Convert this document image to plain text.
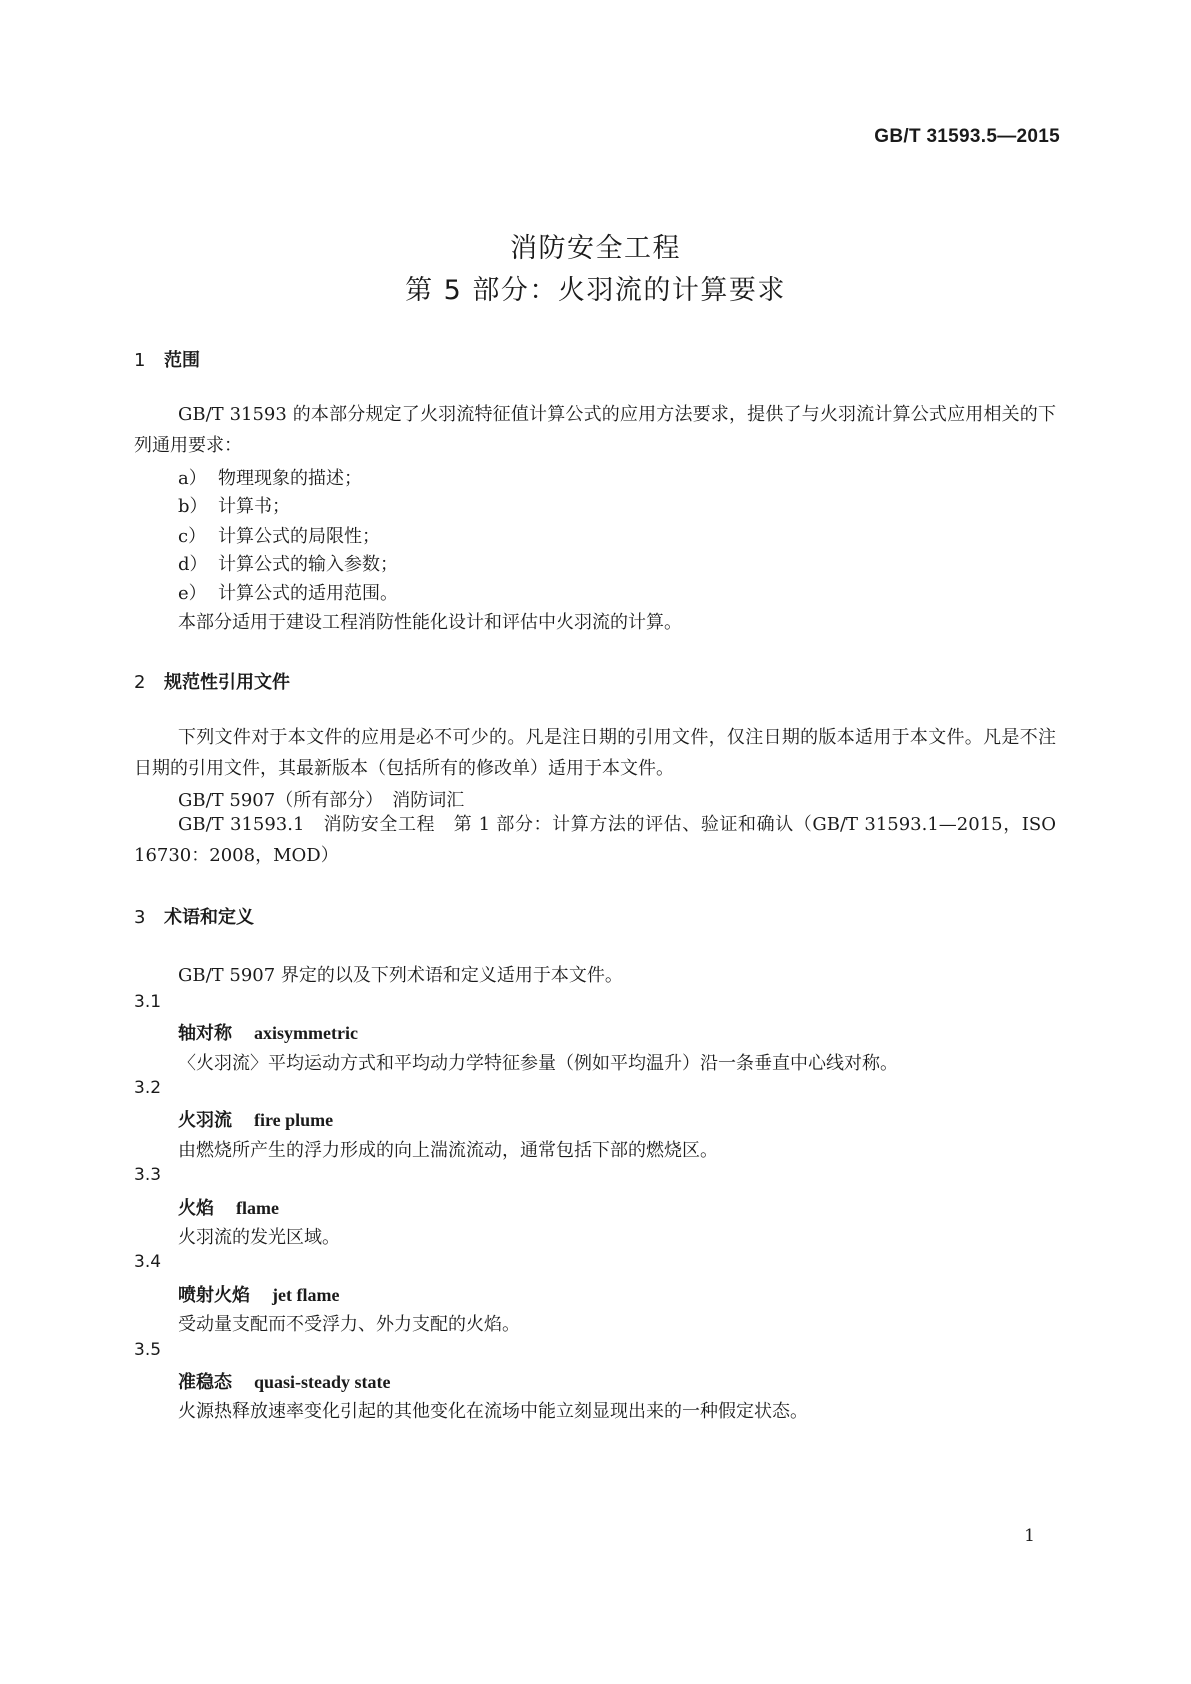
GB/T 31593.5—2015
消防安全工程
第 5 部分：火羽流的计算要求
1 范围
GB/T 31593 的本部分规定了火羽流特征值计算公式的应用方法要求，提供了与火羽流计算公式应用相关的下列通用要求：
a） 物理现象的描述；
b） 计算书；
c） 计算公式的局限性；
d） 计算公式的输入参数；
e） 计算公式的适用范围。
本部分适用于建设工程消防性能化设计和评估中火羽流的计算。
2 规范性引用文件
下列文件对于本文件的应用是必不可少的。凡是注日期的引用文件，仅注日期的版本适用于本文件。凡是不注日期的引用文件，其最新版本（包括所有的修改单）适用于本文件。
GB/T 5907（所有部分）　消防词汇
GB/T 31593.1　消防安全工程　第 1 部分：计算方法的评估、验证和确认（GB/T 31593.1—2015，ISO 16730：2008，MOD）
3 术语和定义
GB/T 5907 界定的以及下列术语和定义适用于本文件。
3.1
轴对称 axisymmetric
〈火羽流〉平均运动方式和平均动力学特征参量（例如平均温升）沿一条垂直中心线对称。
3.2
火羽流 fire plume
由燃烧所产生的浮力形成的向上湍流流动，通常包括下部的燃烧区。
3.3
火焰 flame
火羽流的发光区域。
3.4
喷射火焰 jet flame
受动量支配而不受浮力、外力支配的火焰。
3.5
准稳态 quasi-steady state
火源热释放速率变化引起的其他变化在流场中能立刻显现出来的一种假定状态。
1
